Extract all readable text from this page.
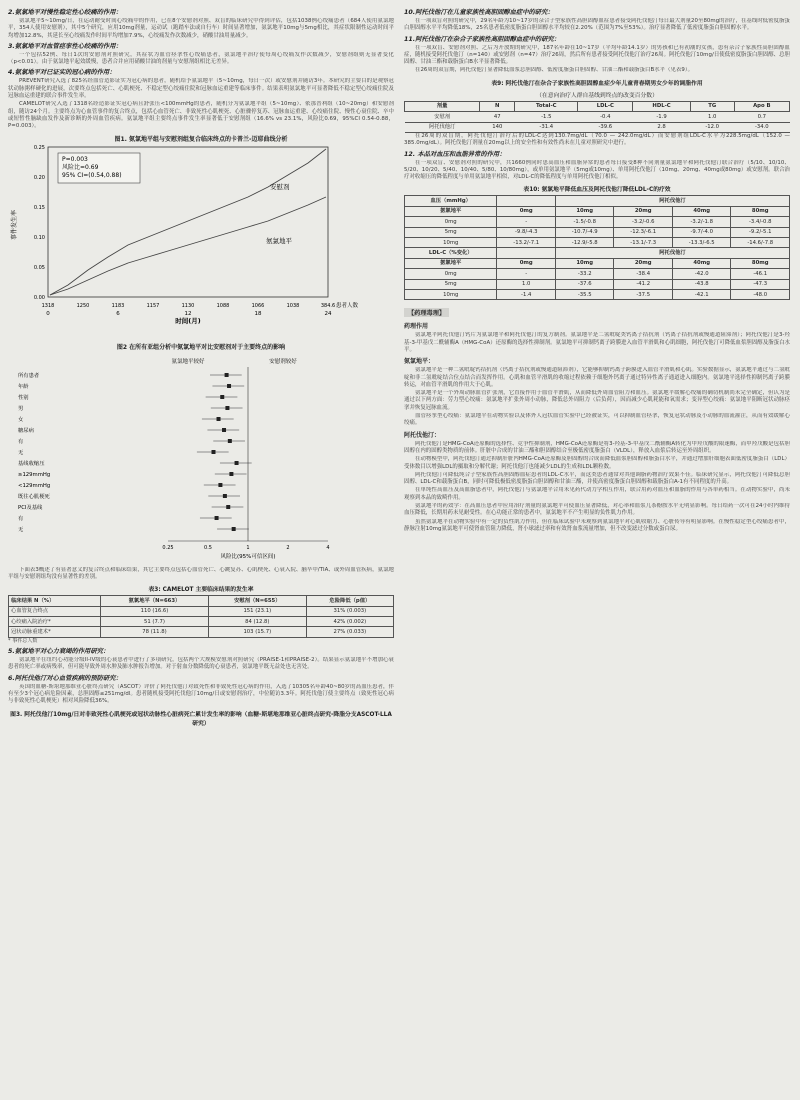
2.氨氯地平对慢性稳定性心绞痛的作用：
氨氯地平5~10mg/日，在运动耐受时间心绞痛中的作用，已在8个安慰剂对照、双盲的临床研究中得到评估，包括1038例心绞痛患者（684人使用氨氯地平，354人使用安慰剂），其中5个研究，应用10mg剂量，运动试（跑踏车法或自行车）时间显著增加，氨氯地平10mg与5mg相比，其症状限制性运动时间平均增加12.8%，其延长至心绞痛发作时间平均增加7.9%，心绞痛发作次数减少，硝酸甘油用量减少。
3.氨氯地平对血管痉挛性心绞痛的作用：
一个包括52例、每日1次的安慰剂对照研究，其症状为血管痉挛性心绞痛患者，氨氯地平治疗使每周心绞痛发作次数减少，安慰剂组则无显著变化（p<0.01）。由于氨氯地平起效缓慢，患者合并应用硝酸甘油的剂量与安慰剂组相比无差异。
4.氨氯地平对已证实的冠心病的作用：
PREVENT研究入选了825名经血管造影证实为冠心病的患者，随机给予氨氯地平（5~10mg，每日一次）或安慰剂并随访3年。本研究的主要目的是观察冠状动脉粥样硬化的进展，次要终点包括死亡、心肌梗死、不稳定型心绞痛住院和冠脉血运重建等临床事件。结果表明氨氯地平可显著降低不稳定型心绞痛住院及冠脉血运重建的联合事件发生率。
CAMELOT研究入选了1318名经造影证实冠心病且舒张压<100mmHg的患者，随机分为氨氯地平组（5~10mg）、依那普利组（10~20mg）和安慰剂组，随访24个月。主要终点为心血管事件的复合终点，包括心血管死亡、非致死性心肌梗死、心脏骤停复苏、冠脉血运重建、心绞痛住院、慢性心衰住院、卒中或短暂性脑缺血发作及新诊断的外周血管疾病。氨氯地平组主要终点事件发生率显著低于安慰剂组（16.6% vs 23.1%，风险比0.69，95%CI 0.54-0.88，P=0.003）。
图1. 氨氯地平组与安慰剂组复合临床终点的卡普兰-迈耶曲线分析
0.25
0.20
0.15
0.10
0.05
0.00
0	6	12	18	24
事件发生率
时间(月)
P=0.003
风险比=0.69
95% CI=(0.54,0.88)
安慰剂
氨氯地平
1318	1250	1183	1157	1130	1088	1066	1038	384.6 患者人数
图2 在所有亚组分析中氨氯地平对比安慰剂对于主要终点的影响
氨氯地平较好	安慰剂较好
所有患者
年龄
性别
男
女
糖尿病
有
无
基线收缩压
≥129mmHg
<129mmHg
既往心肌梗死
PCI及基线
有
无
0.25	0.5	1	2	4
风险比(95%可信区间)
下面表3概述了有显著意义的复合终点和临床结果，其它主要终点包括心血管死亡、心跳复苏、心肌梗死、心衰入院、脑卒中/TIA、或外周血管疾病，氨氯地平组与安慰剂组均没有显著性的差别。
表3: CAMELOT 主要临床结果的发生率
临床结果 N（%）	氨氯地平（N=663）	安慰剂（N=655）	危险降低（p值）
心血管复合终点	110 (16.6)	151 (23.1)	31% (0.003)
心绞痛入院治疗*	51 (7.7)	84 (12.8)	42% (0.002)
冠状动脉重建术*	78 (11.8)	103 (15.7)	27% (0.033)
* 事件总人数
5.氨氯地平对心力衰竭的作用研究：
氨氯地平在纽约心功能分级II-IV级的心衰患者中进行了多项研究，包括两个大规模安慰剂对照研究（PRAISE-1和PRAISE-2）。结果显示氨氯地平不增加心衰患者的死亡率或病残率，但可能导致外周水肿及肺水肿报告增加。对于射血分数降低的心衰患者，氨氯地平既无益处也无害处。
6.阿托伐他汀对心血管疾病的预防研究：
英国的血糖-斯堪地那维亚心脏终点研究（ASCOT）评价了阿托伐他汀对致死性和非致死性冠心病的作用，入选了10305名年龄40~80岁的高血压患者，伴有至少3个冠心病危险因素，总胆固醇≤251mg/dl。患者随机接受阿托伐他汀10mg/日或安慰剂治疗，中位随访3.3年。阿托伐他汀使主要终点（致死性冠心病与非致死性心肌梗死）相对风险降低36%。
图3. 阿托伐他汀10mg/日对非致死性心肌梗死或冠状动脉性心脏病死亡累计发生率的影响（血糖-斯堪地那维亚心脏终点研究-降脂分支ASCOT-LLA研究）
10.阿托伐他汀在儿童家族性高胆固醇血症中的研究：
在一项双盲对照的研究中，29名年龄为10~17岁的杂合子型家族性高胆固醇血症患者接受阿托伐他汀每日最大剂量20至80mg的治疗，在基线时低密度脂蛋白胆固醇水平平均降低18%，25名患者低密度脂蛋白胆固醇水平均较在2.20%（范围为7%至53%）。治疗显著降低了低密度脂蛋白胆固醇水平。
11.阿托伐他汀在杂合子家族性高胆固醇血症中的研究：
在一项双盲、安慰剂对照、之后为开放期的研究中，187名年龄在10~17岁（平均年龄14.1岁）的男孩和已有初潮的女孩，患有杂合子家族性高胆固醇血症，随机接受阿托伐他汀（n=140）或安慰剂（n=47）治疗26周，然后所有患者接受阿托伐他汀治疗26周。阿托伐他汀10mg/日使低密度脂蛋白胆固醇、总胆固醇、甘油三酯和载脂蛋白B水平显著降低。
在26周的双盲期，阿托伐他汀显著降低血浆总胆固醇、低密度脂蛋白胆固醇、甘油三酯和载脂蛋白B水平（见表9）。
表9: 阿托伐他汀在杂合子家族性高胆固醇血症少年儿童青春期男女少年的调脂作用
（在意向治疗人群自基线到终点的改变百分数）
剂量	N	Total-C	LDL-C	HDL-C	TG	Apo B
安慰剂	47	-1.5	-0.4	-1.9	1.0	0.7
阿托伐他汀	140	-31.4	-39.6	2.8	-12.0	-34.0
在26周的双盲期，阿托伐他汀治疗后的LDL-C达到130.7mg/dL（70.0 — 242.0mg/dL）而安慰剂组LDL-C水平为228.5mg/dL（152.0 — 385.0mg/dL）。阿托伐他汀剂量在20mg以上的安全性和有效性尚未在儿童对照研究中进行。
12. 本品对血压和血脂异常的作用：
在一项双盲、安慰剂对照的研究中，共1660例同时患高血压和血脂异常的患者每日接受8种不同剂量氨氯地平和阿托伐他汀联合治疗（5/10、10/10、5/20、10/20、5/40、10/40、5/80、10/80mg），或单用氨氯地平（5mg或10mg）、单用阿托伐他汀（10mg、20mg、40mg或80mg）或安慰剂。联合治疗对收缩压的降低程度与单用氨氯地平相似，对LDL-C的降低程度与单用阿托伐他汀相似。
表10: 氨氯地平降低血压及阿托伐他汀降低LDL-C的疗效
血压（mmHg）		阿托伐他汀			
氨氯地平	0mg	10mg	20mg	40mg	80mg
0mg	-	-1.5/-0.8	-3.2/-0.6	-3.2/-1.8	-3.4/-0.8
5mg	-9.8/-4.3	-10.7/-4.9	-12.3/-6.1	-9.7/-4.0	-9.2/-5.1
10mg	-13.2/-7.1	-12.9/-5.8	-13.1/-7.3	-13.3/-6.5	-14.6/-7.8
LDL-C（%变化）		阿托伐他汀			
氨氯地平	0mg	10mg	20mg	40mg	80mg
0mg	-	-33.2	-38.4	-42.0	-46.1
5mg	1.0	-37.6	-41.2	-43.8	-47.3
10mg	-1.4	-35.5	-37.5	-42.1	-48.0
【药理毒理】
药理作用
氨氯地平阿托伐他汀钙片为氨氯地平和阿托伐他汀的复方制剂。氨氯地平是二氢吡啶类钙离子拮抗剂（钙离子拮抗剂或慢通道阻滞剂）；阿托伐他汀是3-羟基-3-甲基戊二酰辅酶A（HMG-CoA）还原酶的选择性抑制剂。氨氯地平可抑制钙离子跨膜进入血管平滑肌和心肌细胞，阿托伐他汀可降低血浆胆固醇及脂蛋白水平。
氨氯地平：
氨氯地平是一种二氢吡啶钙拮抗剂（钙离子拮抗剂或慢通道阻滞剂），它能够抑制钙离子跨膜进入血管平滑肌和心肌。实验数据显示，氨氯地平通过与二氢吡啶和非二氢吡啶结合位点结合而发挥作用。心肌和血管平滑肌的收缩过程依赖于细胞外钙离子通过特异性离子通道进入细胞内。氨氯地平选择性抑制钙离子跨膜转运，对血管平滑肌的作用大于心肌。
氨氯地平是一个外周动脉血管扩张剂，它直接作用于血管平滑肌，从而降低外周血管阻力和血压。氨氯地平缓解心绞痛的确切机制尚未完全确定，但认为是通过以下两方面：劳力型心绞痛：氨氯地平扩张外周小动脉，降低总外周阻力（后负荷），因而减少心肌耗能和氧需求；变异型心绞痛：氨氯地平阻断冠状动脉痉挛并恢复冠脉血流。
血管痉挛型心绞痛：氨氯地平在动物实验以及体外人冠状血管实验中已经被证实，可以抑制血管痉挛，恢复冠状动脉及小动脉的血流灌注，从而有效缓解心绞痛。
阿托伐他汀：
阿托伐他汀是HMG-CoA还原酶的选择性、竞争性抑制剂，HMG-CoA还原酶是将3-羟基-3-甲基戊二酰辅酶A转化为甲羟戊酸的限速酶，而甲羟戊酸是包括胆固醇在内的固醇类物质的前体。肝脏中合成的甘油三酯和胆固醇结合至极低密度脂蛋白（VLDL），释放入血浆后转运至外周组织。
在动物模型中，阿托伐他汀通过抑制肝脏内HMG-CoA还原酶及胆固醇的合成而降低血浆胆固醇和脂蛋白水平，并通过增加肝细胞表面低密度脂蛋白（LDL）受体数目以增强LDL的摄取和分解代谢；阿托伐他汀也能减少LDL的生成和LDL颗粒数。
阿托伐他汀可降低纯合子型家族性高胆固醇血症患者的LDL-C水平，而这类患者通常对其他调脂药物治疗效果不佳。临床研究显示，阿托伐他汀可降低总胆固醇、LDL-C和载脂蛋白B，同时可降低极低密度脂蛋白胆固醇和甘油三酯，并使高密度脂蛋白胆固醇和载脂蛋白A-1有不同程度的升高。
在单纯性高血压及高血脂患者中，阿托伐他汀与氨氯地平合用未见药代动力学相互作用，联合用药对血压和血脂的作用与各单药相当。在动物实验中，尚未观察到本品的致畸作用。
氨氯地平的药效学：在高血压患者中应用治疗剂量的氨氯地平可使血压显著降低，对心率和血浆儿茶酚胺水平无明显影响。每日给药一次可在24小时内维持血压降低，长期用药未见耐受性。在心功能正常的患者中，氨氯地平不产生明显的负性肌力作用。
虽然氨氯地平在动物实验中有一定的负性肌力作用，但在临床试验中未观察到氨氯地平对心肌收缩力、心脏传导有明显影响。在慢性稳定型心绞痛患者中，静脉注射10mg氨氯地平可使肾血管阻力降低，肾小球滤过率和有效肾血浆流量增加，但不改变滤过分数或蛋白尿。
